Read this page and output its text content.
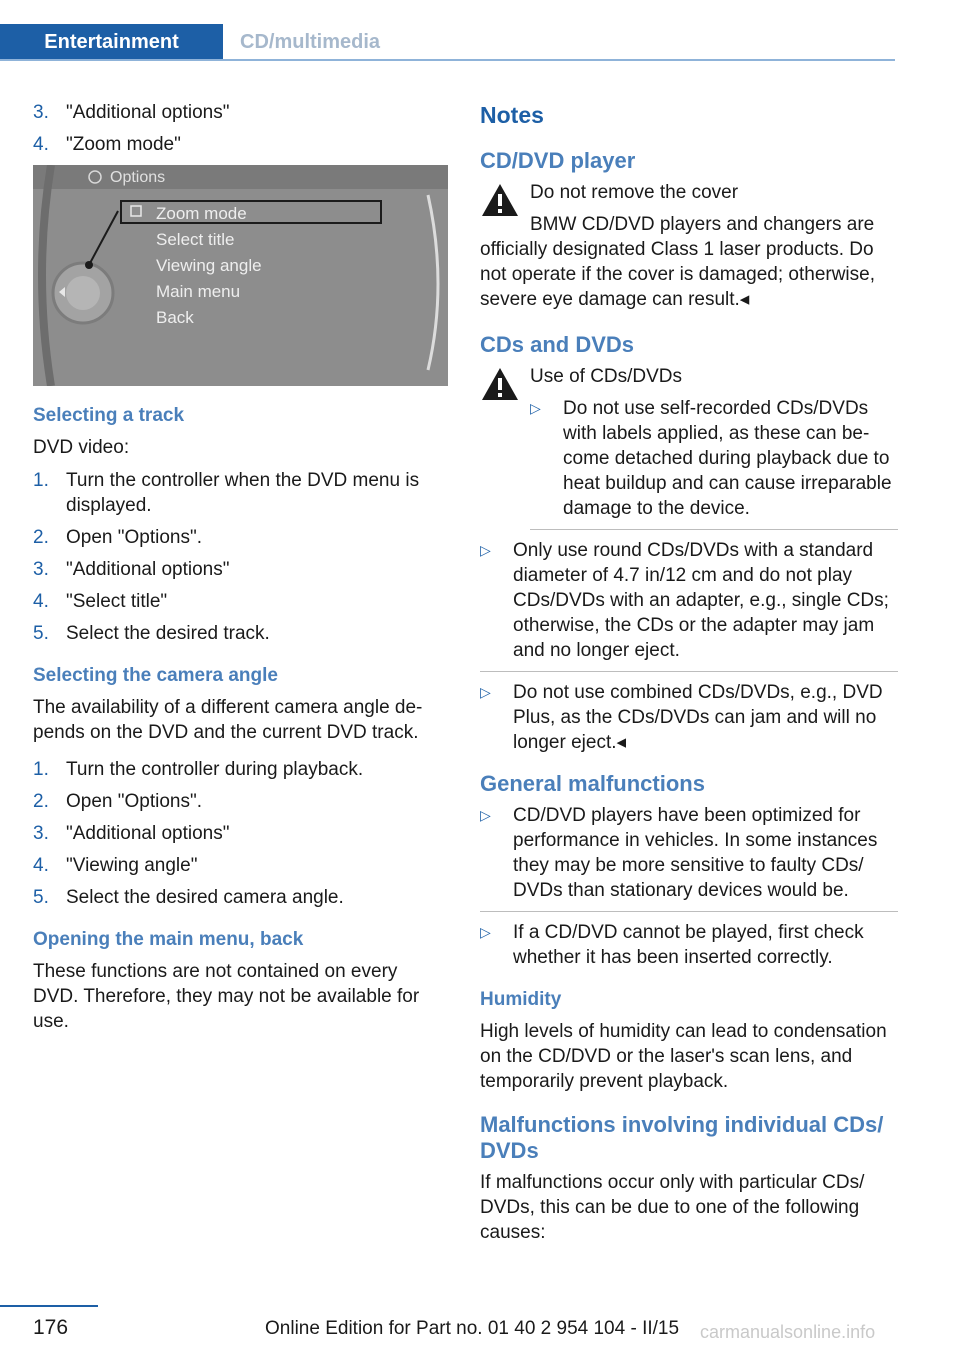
Entertainment	CD/multimedia
3. "Additional options"
4. "Zoom mode"
Options
Zoom mode
Select title
Viewing angle
Main menu
Back
Selecting a track

DVD video:

1. Turn the controller when the DVD menu is displayed.
2. Open "Options".
3. "Additional options"
4. "Select title"
5. Select the desired track.
Selecting the camera angle

The availability of a different camera angle depends on the DVD and the current DVD track.

1. Turn the controller during playback.
2. Open "Options".
3. "Additional options"
4. "Viewing angle"
5. Select the desired camera angle.
Opening the main menu, back

These functions are not contained on every DVD. Therefore, they may not be available for use.

Notes
CD/DVD player
Do not remove the cover
BMW CD/DVD players and changers are

officially designated Class 1 laser products. Do not operate if the cover is damaged; otherwise, severe eye damage can result.◂

CDs and DVDs
Use of CDs/DVDs
▷ Do not use self-recorded CDs/DVDs with labels applied, as these can become detached during playback due to heat buildup and can cause irreparable damage to the device.
▷ Only use round CDs/DVDs with a standard diameter of 4.7 in/12 cm and do not play CDs/DVDs with an adapter, e.g., single CDs; otherwise, the CDs or the adapter may jam and no longer eject.
▷ Do not use combined CDs/DVDs, e.g., DVD Plus, as the CDs/DVDs can jam and will no longer eject.◂
General malfunctions
▷ CD/DVD players have been optimized for performance in vehicles. In some instances they may be more sensitive to faulty CDs/ DVDs than stationary devices would be.
▷ If a CD/DVD cannot be played, first check whether it has been inserted correctly.
Humidity

High levels of humidity can lead to condensation on the CD/DVD or the laser's scan lens, and temporarily prevent playback.

Malfunctions involving individual CDs/ DVDs

If malfunctions occur only with particular CDs/ DVDs, this can be due to one of the following causes:

176	Online Edition for Part no. 01 40 2 954 104 - II/15 carmanualsonline.info
